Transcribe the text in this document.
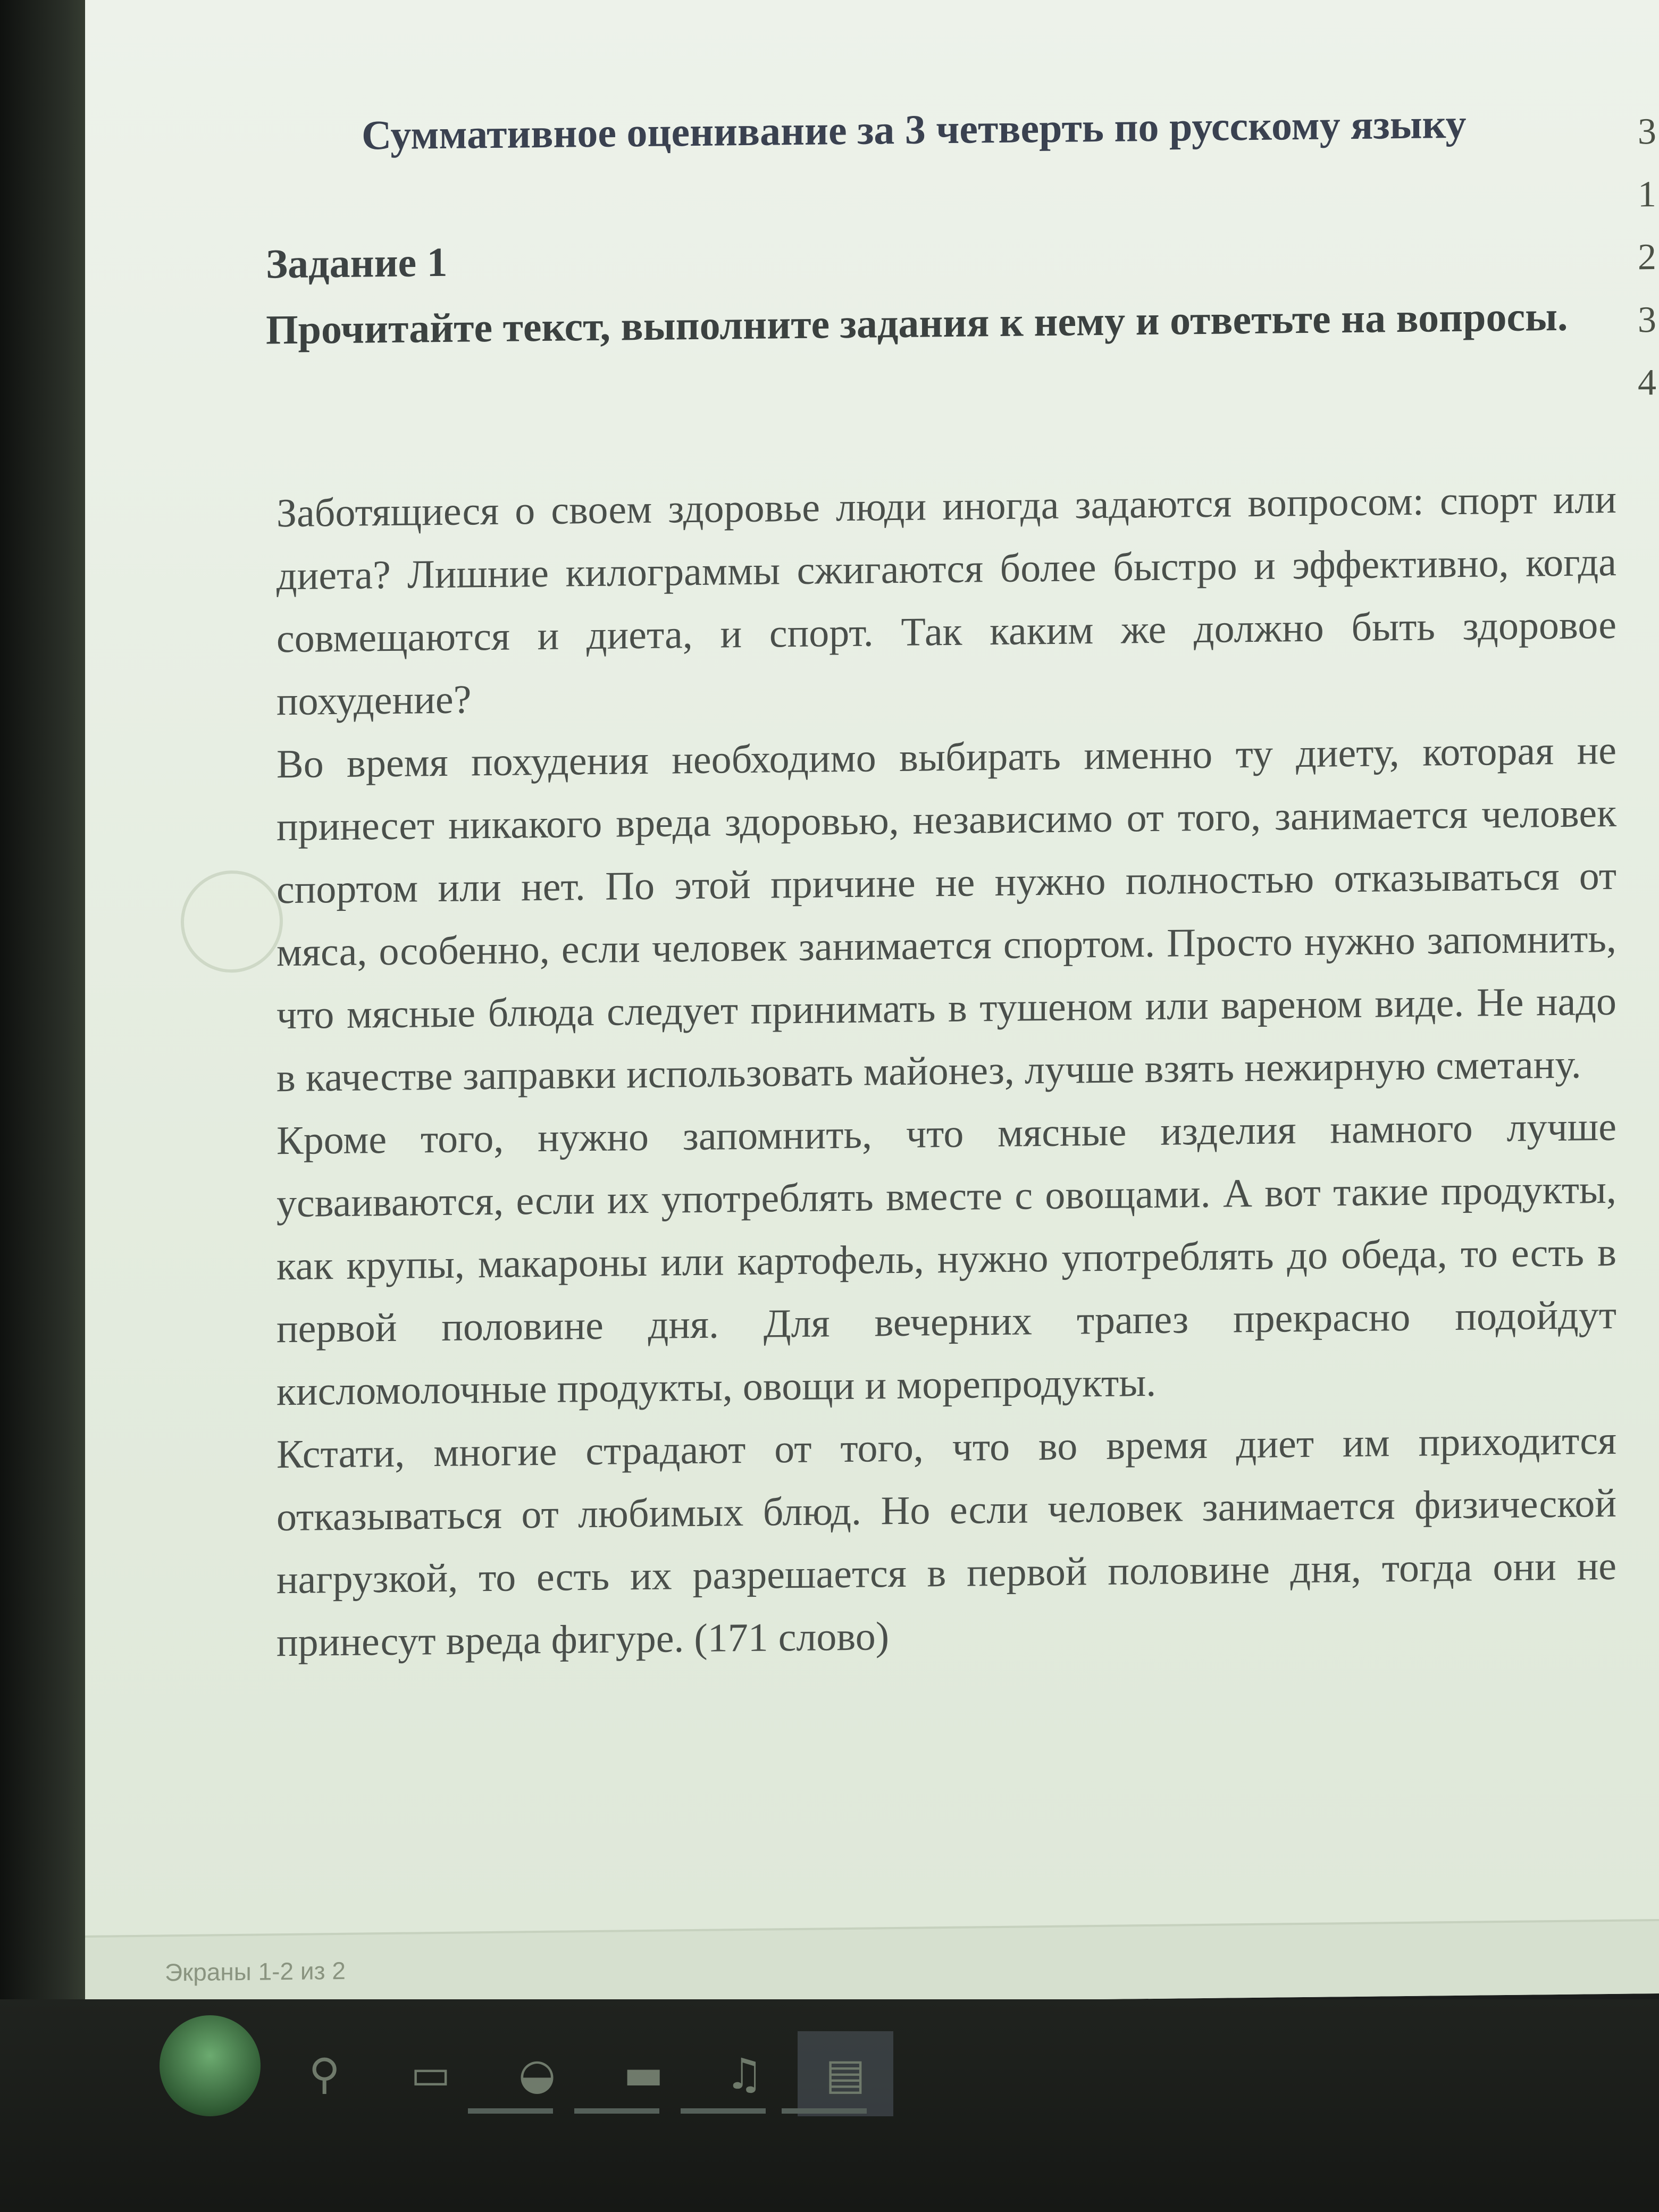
Суммативное оценивание за 3 четверть по русскому языку	3
1
2
3
4
Задание 1
Прочитайте текст, выполните задания к нему и ответьте на вопросы.

Заботящиеся о своем здоровье люди иногда задаются вопросом: спорт или диета? Лишние килограммы сжигаются более быстро и эффективно, когда совмещаются и диета, и спорт. Так каким же должно быть здоровое похудение?

Во время похудения необходимо выбирать именно ту диету, которая не принесет никакого вреда здоровью, независимо от того, занимается человек спортом или нет. По этой причине не нужно полностью отказываться от мяса, особенно, если человек занимается спортом. Просто нужно запомнить, что мясные блюда следует принимать в тушеном или вареном виде. Не надо в качестве заправки использовать майонез, лучше взять нежирную сметану.

Кроме того, нужно запомнить, что мясные изделия намного лучше усваиваются, если их употреблять вместе с овощами. А вот такие продукты, как крупы, макароны или картофель, нужно употреблять до обеда, то есть в первой половине дня. Для вечерних трапез прекрасно подойдут кисломолочные продукты, овощи и морепродукты.

Кстати, многие страдают от того, что во время диет им приходится отказываться от любимых блюд. Но если человек занимается физической нагрузкой, то есть их разрешается в первой половине дня, тогда они не принесут вреда фигуре. (171 слово)

Экраны 1-2 из 2
⚲ ▭ ◒ ▬ ♫ ▤
